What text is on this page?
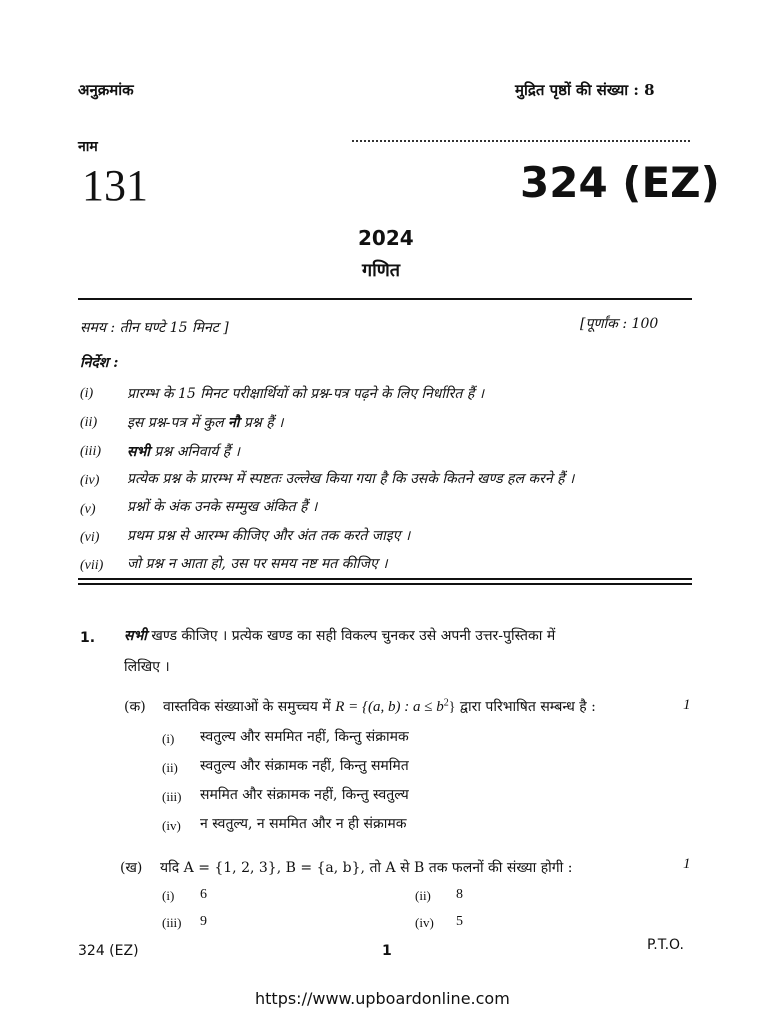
अनुक्रमांक	मुद्रित पृष्ठों की संख्या : 8
नाम
131	324 (EZ)
2024
गणित
समय : तीन घण्टे 15 मिनट ]	[पूर्णांक : 100
निर्देश :
(i) प्रारम्भ के 15 मिनट परीक्षार्थियों को प्रश्न-पत्र पढ़ने के लिए निर्धारित हैं ।
(ii) इस प्रश्न-पत्र में कुल नौ प्रश्न हैं ।
(iii) सभी प्रश्न अनिवार्य हैं ।
(iv) प्रत्येक प्रश्न के प्रारम्भ में स्पष्टतः उल्लेख किया गया है कि उसके कितने खण्ड हल करने हैं ।
(v) प्रश्नों के अंक उनके सम्मुख अंकित हैं ।
(vi) प्रथम प्रश्न से आरम्भ कीजिए और अंत तक करते जाइए ।
(vii) जो प्रश्न न आता हो, उस पर समय नष्ट मत कीजिए ।
1. सभी खण्ड कीजिए । प्रत्येक खण्ड का सही विकल्प चुनकर उसे अपनी उत्तर-पुस्तिका में
लिखिए ।
(क) वास्तविक संख्याओं के समुच्चय में R = {(a, b) : $a \le b^2$} द्वारा परिभाषित सम्बन्ध है :	1
(i) स्वतुल्य और सममित नहीं, किन्तु संक्रामक
(ii) स्वतुल्य और संक्रामक नहीं, किन्तु सममित
(iii) सममित और संक्रामक नहीं, किन्तु स्वतुल्य
(iv) न स्वतुल्य, न सममित और न ही संक्रामक
(ख) यदि A = {1, 2, 3}, B = {a, b}, तो A से B तक फलनों की संख्या होगी :	1
(i) 6	(ii) 8
(iii) 9	(iv) 5
324 (EZ)	1	P.T.O.
https://www.upboardonline.com
